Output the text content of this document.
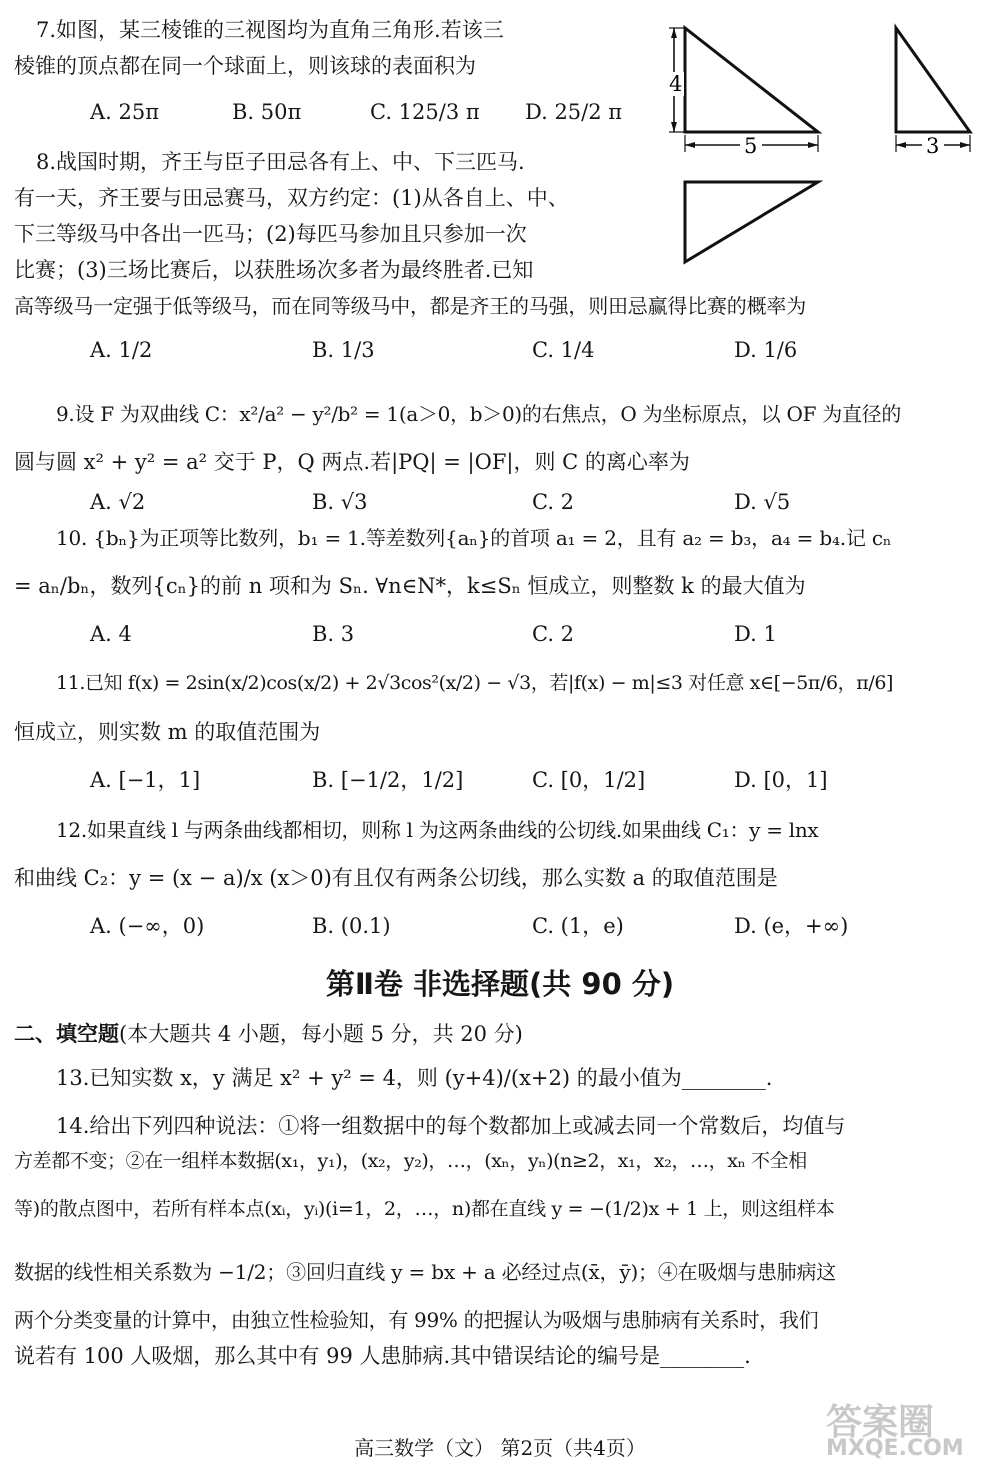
4
5	3
7.如图，某三棱锥的三视图均为直角三角形.若该三
棱锥的顶点都在同一个球面上，则该球的表面积为
A. 25π	B. 50π	C. 125/3 π D. 25/2 π
8.战国时期，齐王与臣子田忌各有上、中、下三匹马.
有一天，齐王要与田忌赛马，双方约定：(1)从各自上、中、
下三等级马中各出一匹马；(2)每匹马参加且只参加一次
比赛；(3)三场比赛后，以获胜场次多者为最终胜者.已知
高等级马一定强于低等级马，而在同等级马中，都是齐王的马强，则田忌赢得比赛的概率为
A. 1/2	B. 1/3	C. 1/4	D. 1/6
9.设 F 为双曲线 C：x²/a² − y²/b² = 1(a＞0，b＞0)的右焦点，O 为坐标原点，以 OF 为直径的
圆与圆 x² + y² = a² 交于 P，Q 两点.若|PQ| = |OF|，则 C 的离心率为
A. √2	B. √3	C. 2	D. √5
10. {bₙ}为正项等比数列，b₁ = 1.等差数列{aₙ}的首项 a₁ = 2，且有 a₂ = b₃，a₄ = b₄.记 cₙ
= aₙ/bₙ，数列{cₙ}的前 n 项和为 Sₙ. ∀n∈N*，k≤Sₙ 恒成立，则整数 k 的最大值为
A. 4	B. 3	C. 2	D. 1
11.已知 f(x) = 2sin(x/2)cos(x/2) + 2√3cos²(x/2) − √3，若|f(x) − m|≤3 对任意 x∈[−5π/6，π/6]
恒成立，则实数 m 的取值范围为
A. [−1，1]	B. [−1/2，1/2]	C. [0，1/2]	D. [0，1]
12.如果直线 l 与两条曲线都相切，则称 l 为这两条曲线的公切线.如果曲线 C₁：y = lnx
和曲线 C₂：y = (x − a)/x (x＞0)有且仅有两条公切线，那么实数 a 的取值范围是
A. (−∞，0)	B. (0.1)	C. (1，e)	D. (e，+∞)
第Ⅱ卷 非选择题(共 90 分)
二、填空题(本大题共 4 小题，每小题 5 分，共 20 分)
13.已知实数 x，y 满足 x² + y² = 4，则 (y+4)/(x+2) 的最小值为________.
14.给出下列四种说法：①将一组数据中的每个数都加上或减去同一个常数后，均值与
方差都不变；②在一组样本数据(x₁，y₁)，(x₂，y₂)，…，(xₙ，yₙ)(n≥2，x₁，x₂，…，xₙ 不全相
等)的散点图中，若所有样本点(xᵢ，yᵢ)(i=1，2，…，n)都在直线 y = −(1/2)x + 1 上，则这组样本
数据的线性相关系数为 −1/2；③回归直线 y = bx + a 必经过点(x̄，ȳ)；④在吸烟与患肺病这
两个分类变量的计算中，由独立性检验知，有 99% 的把握认为吸烟与患肺病有关系时，我们
说若有 100 人吸烟，那么其中有 99 人患肺病.其中错误结论的编号是________.
高三数学（文） 第2页（共4页）
答案圈
MXQE.COM
